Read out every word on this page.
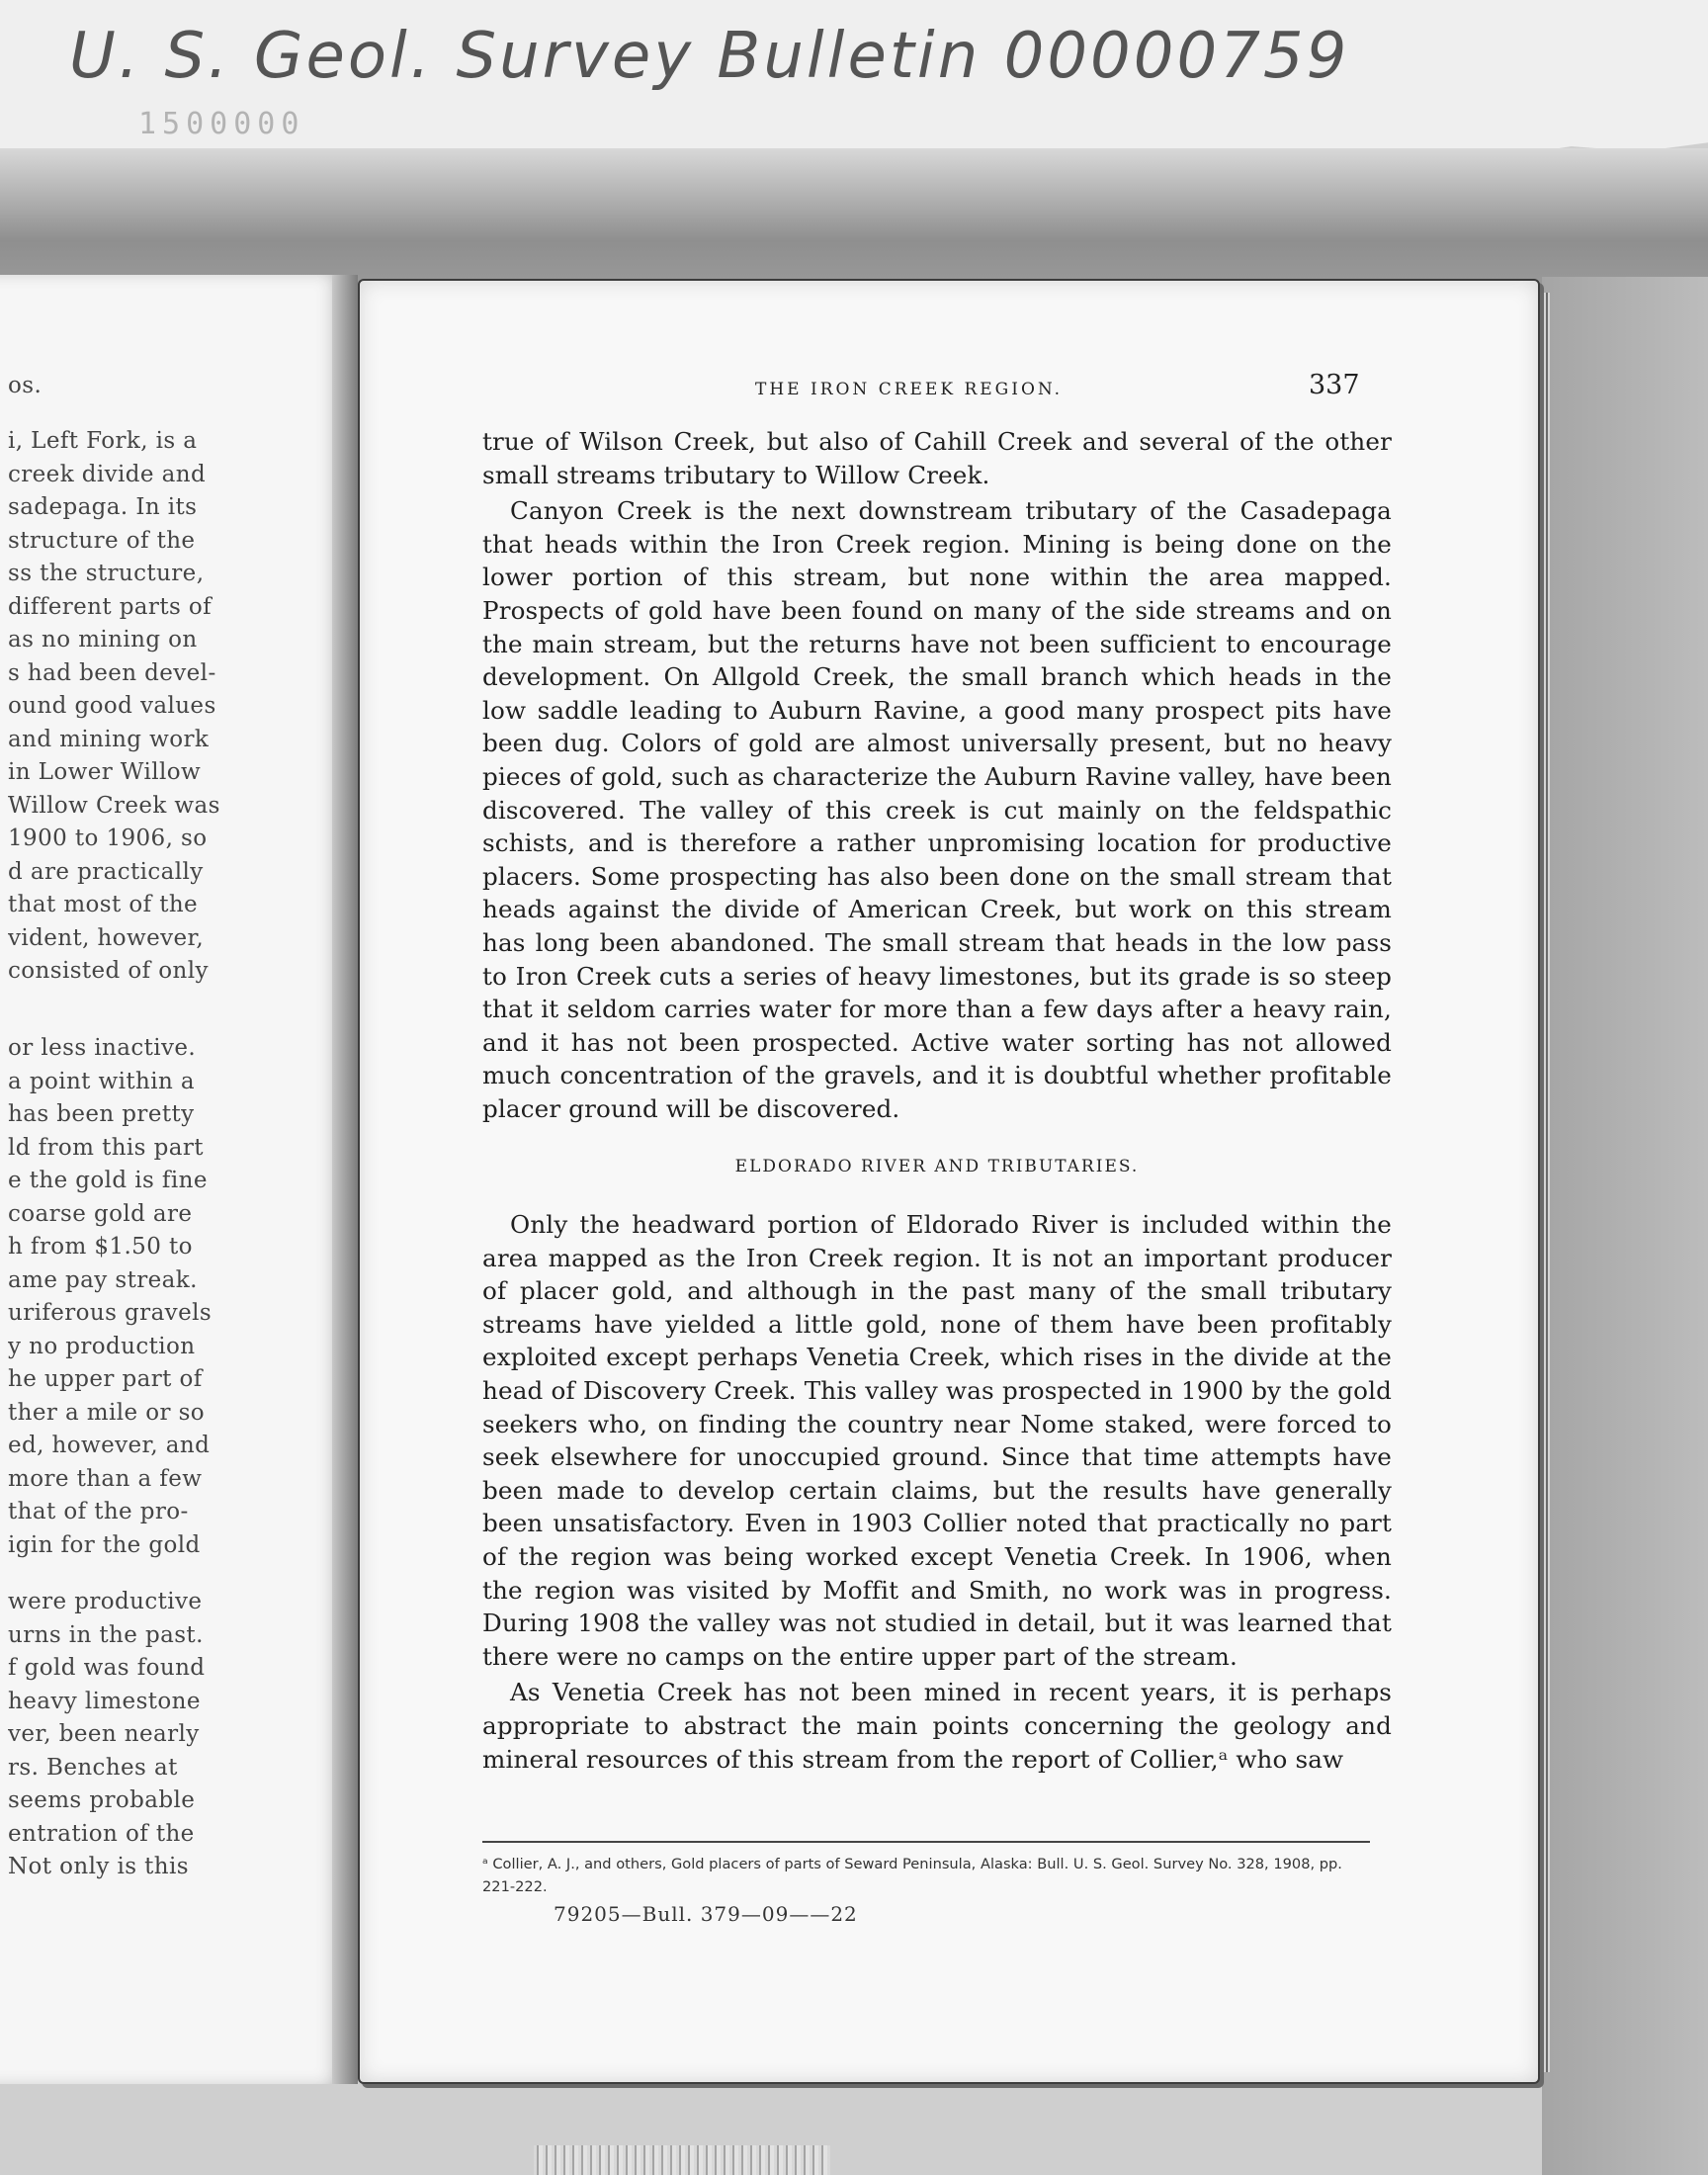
U. S. Geol. Survey Bulletin 00000759
1500000
os.
i, Left Fork, is a
creek divide and
sadepaga. In its
structure of the
ss the structure,
different parts of
as no mining on
s had been devel-
ound good values
and mining work
in Lower Willow
Willow Creek was
1900 to 1906, so
d are practically
that most of the
vident, however,
consisted of only
or less inactive.
a point within a
has been pretty
ld from this part
e the gold is fine
coarse gold are
h from $1.50 to
ame pay streak.
uriferous gravels
y no production
he upper part of
ther a mile or so
ed, however, and
more than a few
that of the pro-
igin for the gold
were productive
urns in the past.
f gold was found
heavy limestone
ver, been nearly
rs. Benches at
seems probable
entration of the
Not only is this
THE IRON CREEK REGION.	337

true of Wilson Creek, but also of Cahill Creek and several of the other small streams tributary to Willow Creek.

Canyon Creek is the next downstream tributary of the Casadepaga that heads within the Iron Creek region. Mining is being done on the lower portion of this stream, but none within the area mapped. Prospects of gold have been found on many of the side streams and on the main stream, but the returns have not been sufficient to encourage development. On Allgold Creek, the small branch which heads in the low saddle leading to Auburn Ravine, a good many prospect pits have been dug. Colors of gold are almost universally present, but no heavy pieces of gold, such as characterize the Auburn Ravine valley, have been discovered. The valley of this creek is cut mainly on the feldspathic schists, and is therefore a rather unpromising location for productive placers. Some prospecting has also been done on the small stream that heads against the divide of American Creek, but work on this stream has long been abandoned. The small stream that heads in the low pass to Iron Creek cuts a series of heavy limestones, but its grade is so steep that it seldom carries water for more than a few days after a heavy rain, and it has not been prospected. Active water sorting has not allowed much concentration of the gravels, and it is doubtful whether profitable placer ground will be discovered.

ELDORADO RIVER AND TRIBUTARIES.

Only the headward portion of Eldorado River is included within the area mapped as the Iron Creek region. It is not an important producer of placer gold, and although in the past many of the small tributary streams have yielded a little gold, none of them have been profitably exploited except perhaps Venetia Creek, which rises in the divide at the head of Discovery Creek. This valley was prospected in 1900 by the gold seekers who, on finding the country near Nome staked, were forced to seek elsewhere for unoccupied ground. Since that time attempts have been made to develop certain claims, but the results have generally been unsatisfactory. Even in 1903 Collier noted that practically no part of the region was being worked except Venetia Creek. In 1906, when the region was visited by Moffit and Smith, no work was in progress. During 1908 the valley was not studied in detail, but it was learned that there were no camps on the entire upper part of the stream.

As Venetia Creek has not been mined in recent years, it is perhaps appropriate to abstract the main points concerning the geology and mineral resources of this stream from the report of Collier,ᵃ who saw

ᵃ Collier, A. J., and others, Gold placers of parts of Seward Peninsula, Alaska: Bull. U. S. Geol. Survey No. 328, 1908, pp. 221-222.
79205—Bull. 379—09——22
